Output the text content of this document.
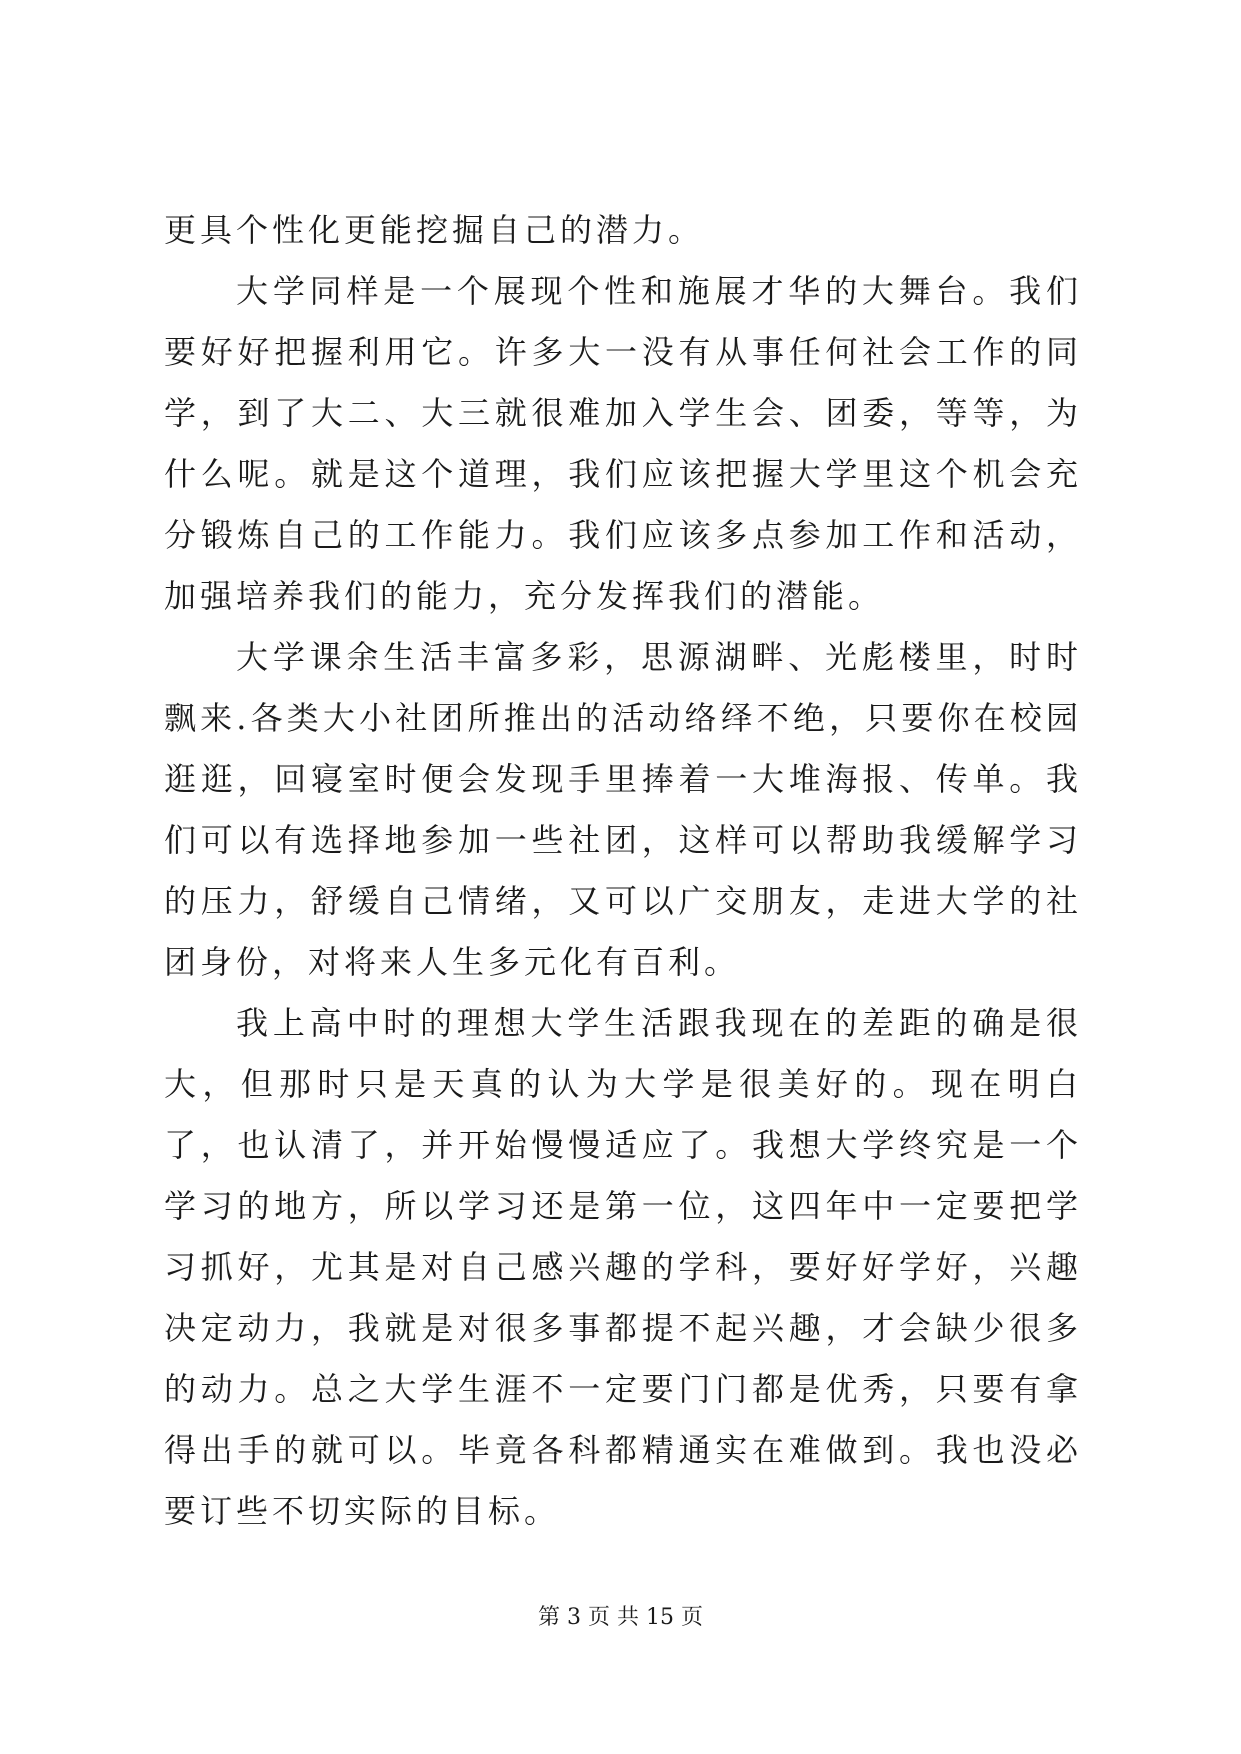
更具个性化更能挖掘自己的潜力。

大学同样是一个展现个性和施展才华的大舞台。我们要好好把握利用它。许多大一没有从事任何社会工作的同学，到了大二、大三就很难加入学生会、团委，等等，为什么呢。就是这个道理，我们应该把握大学里这个机会充分锻炼自己的工作能力。我们应该多点参加工作和活动，加强培养我们的能力，充分发挥我们的潜能。

大学课余生活丰富多彩，思源湖畔、光彪楼里，时时飘来.各类大小社团所推出的活动络绎不绝，只要你在校园逛逛，回寝室时便会发现手里捧着一大堆海报、传单。我们可以有选择地参加一些社团，这样可以帮助我缓解学习的压力，舒缓自己情绪，又可以广交朋友，走进大学的社团身份，对将来人生多元化有百利。

我上高中时的理想大学生活跟我现在的差距的确是很大，但那时只是天真的认为大学是很美好的。现在明白了，也认清了，并开始慢慢适应了。我想大学终究是一个学习的地方，所以学习还是第一位，这四年中一定要把学习抓好，尤其是对自己感兴趣的学科，要好好学好，兴趣决定动力，我就是对很多事都提不起兴趣，才会缺少很多的动力。总之大学生涯不一定要门门都是优秀，只要有拿得出手的就可以。毕竟各科都精通实在难做到。我也没必要订些不切实际的目标。

第 3 页 共 15 页
